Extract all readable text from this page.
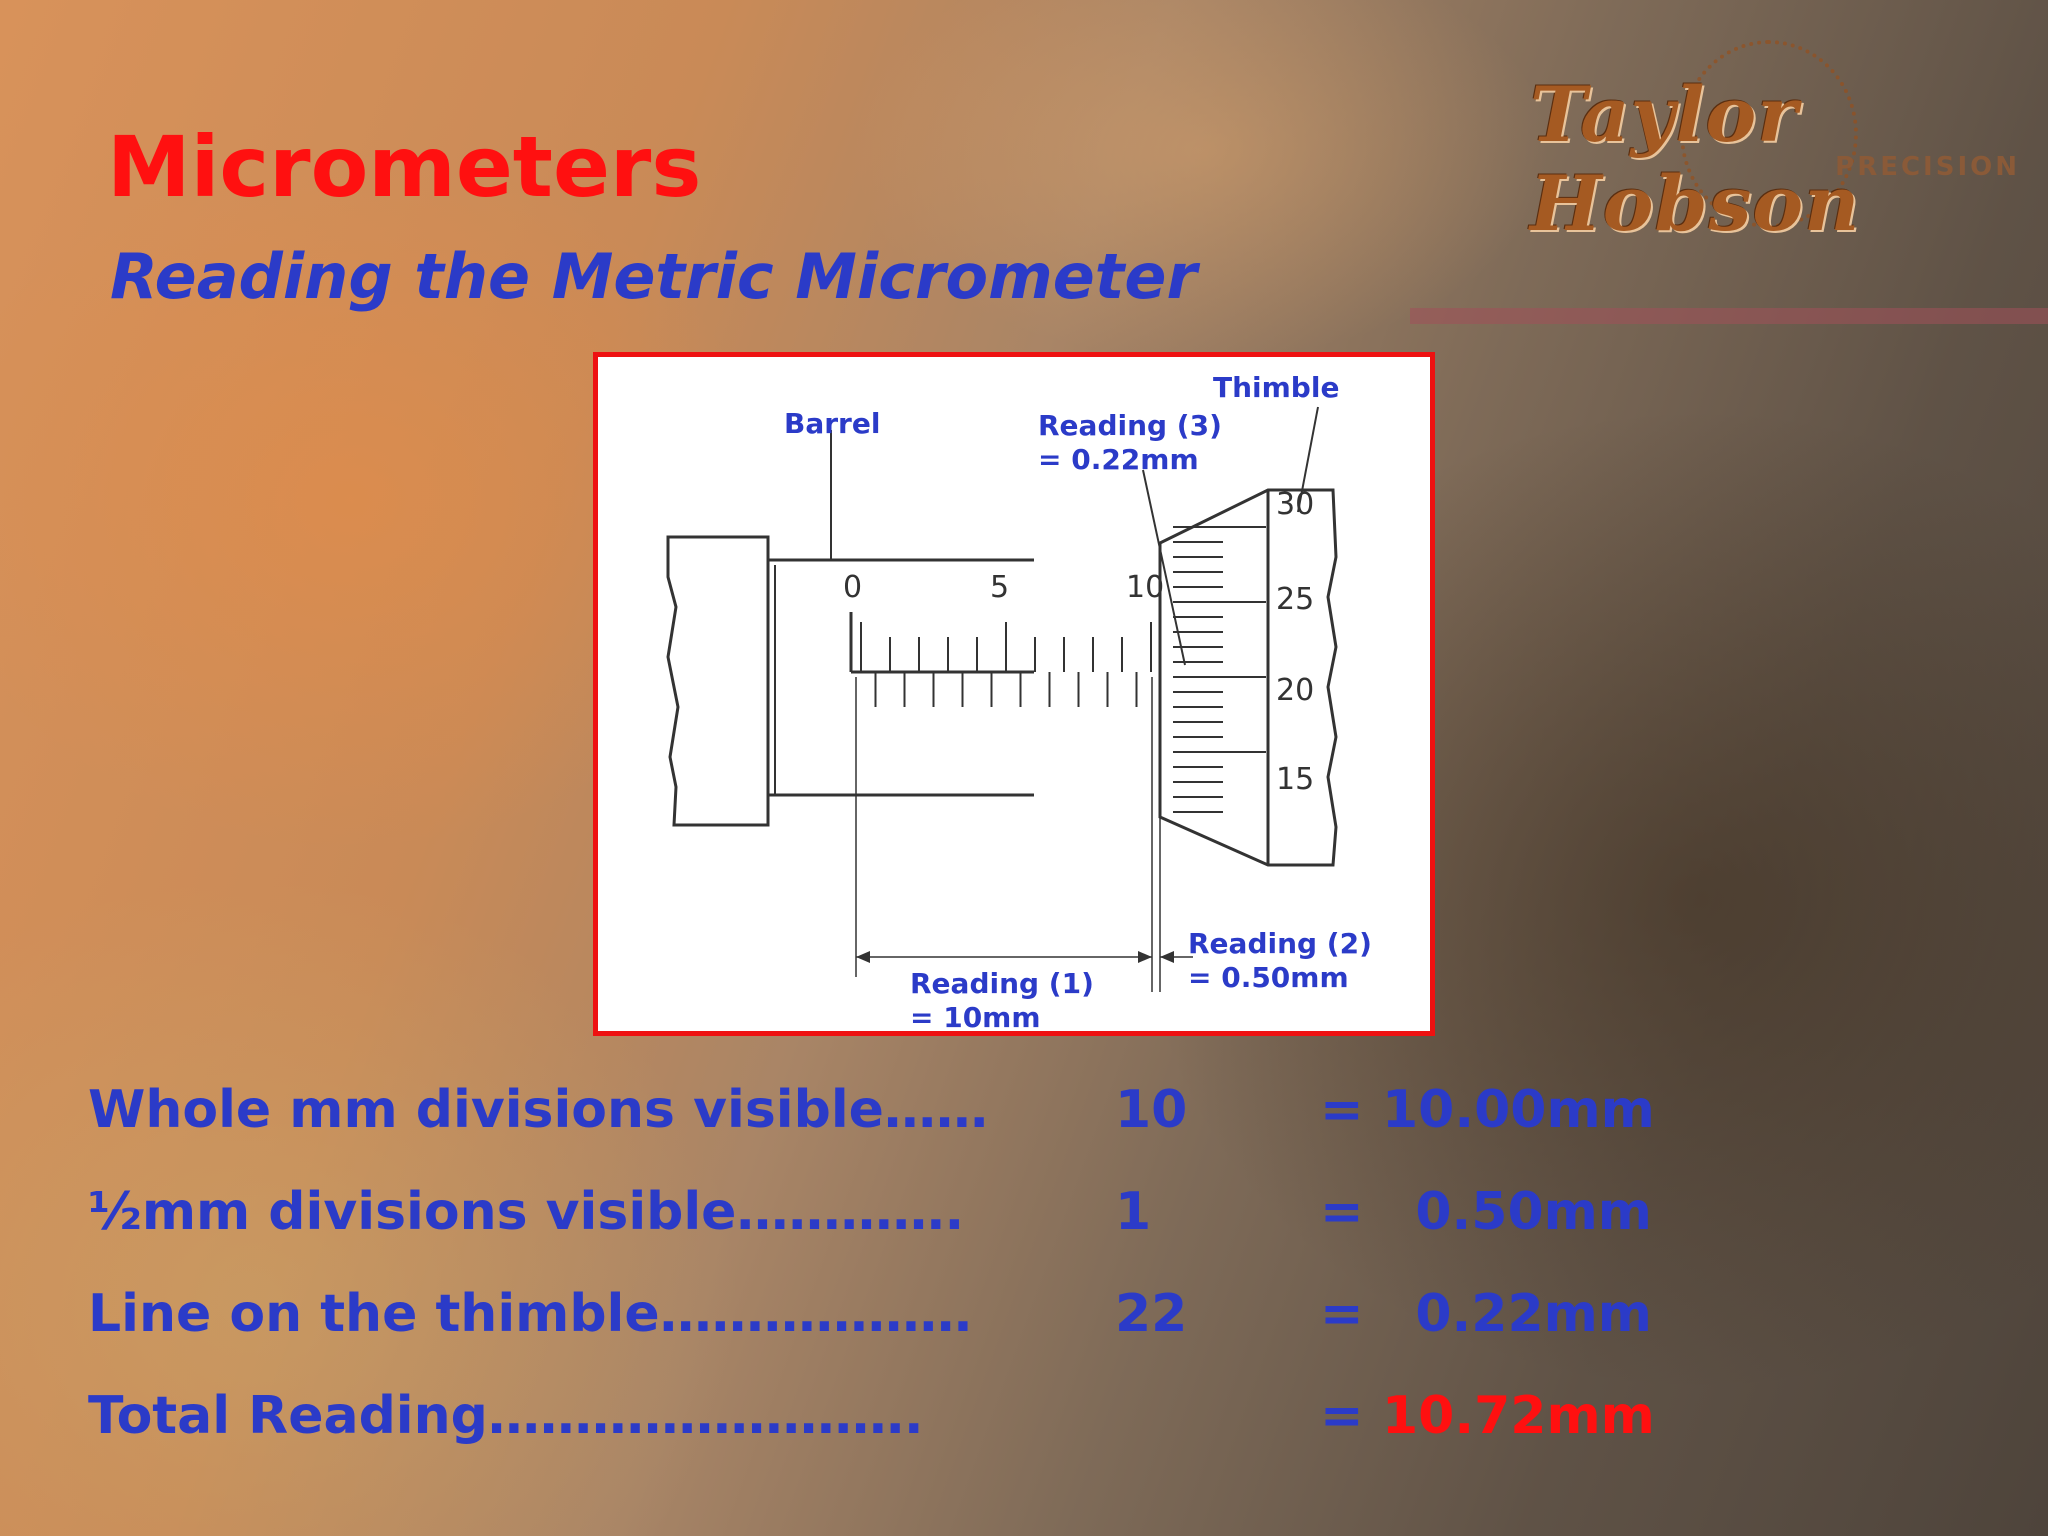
Taylor Hobson
PRECISION
Micrometers
Reading the Metric Micrometer
0	5	10
30
25
20
15
Thimble
Barrel	Reading (3)
= 0.22mm
Reading (2)
= 0.50mm
Reading (1)
= 10mm
Whole mm divisions visible…… 10	= 10.00mm
½mm divisions visible………….	1	= 0.50mm
Line on the thimble………………	22	= 0.22mm
Total Reading…………………….	= 10.72mm
